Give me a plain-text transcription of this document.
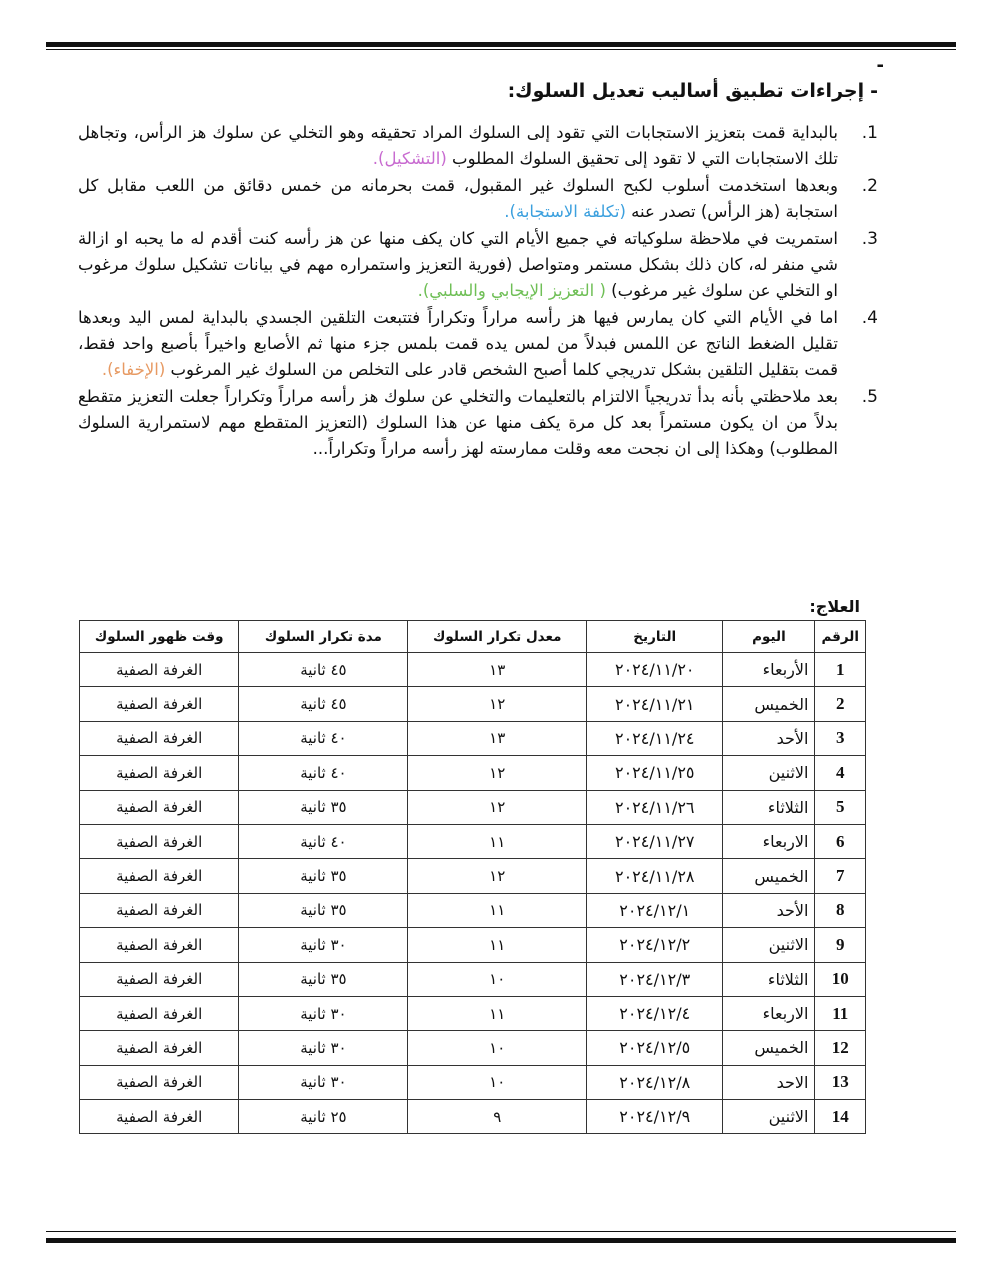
-
-إجراءات تطبيق أساليب تعديل السلوك:
1.
بالبداية قمت بتعزيز الاستجابات التي تقود إلى السلوك المراد تحقيقه وهو التخلي عن سلوك هز الرأس، وتجاهل تلك الاستجابات التي لا تقود إلى تحقيق السلوك المطلوب (التشكيل).
2.
وبعدها استخدمت أسلوب لكبح السلوك غير المقبول، قمت بحرمانه من خمس دقائق من اللعب مقابل كل استجابة (هز الرأس) تصدر عنه (تكلفة الاستجابة).
3.
استمريت في ملاحظة سلوكياته في جميع الأيام التي كان يكف منها عن هز رأسه كنت أقدم له ما يحبه او ازالة شي منفر له، كان ذلك بشكل مستمر ومتواصل (فورية التعزيز واستمراره مهم في بيانات تشكيل سلوك مرغوب او التخلي عن سلوك غير مرغوب) ( التعزيز الإيجابي والسلبي).
4.
اما في الأيام التي كان يمارس فيها هز رأسه مراراً وتكراراً فتتبعت التلقين الجسدي بالبداية لمس اليد وبعدها تقليل الضغط الناتج عن اللمس فبدلاً من لمس يده قمت بلمس جزء منها ثم الأصابع واخيراً بأصبع واحد فقط، قمت بتقليل التلقين بشكل تدريجي كلما أصبح الشخص قادر على التخلص من السلوك غير المرغوب (الإخفاء).
5.
بعد ملاحظتي بأنه بدأ تدريجياً الالتزام بالتعليمات والتخلي عن سلوك هز رأسه مراراً وتكراراً جعلت التعزيز متقطع بدلاً من ان يكون مستمراً بعد كل مرة يكف منها عن هذا السلوك (التعزيز المتقطع مهم لاستمرارية السلوك المطلوب) وهكذا إلى ان نجحت معه وقلت ممارسته لهز رأسه مراراً وتكراراً...
العلاج:
الرقم	اليوم	التاريخ	معدل تكرار السلوك	مدة تكرار السلوك	وقت ظهور السلوك
1	الأربعاء	٢٠٢٤/١١/٢٠	١٣	٤٥ ثانية	الغرفة الصفية
2	الخميس	٢٠٢٤/١١/٢١	١٢	٤٥ ثانية	الغرفة الصفية
3	الأحد	٢٠٢٤/١١/٢٤	١٣	٤٠ ثانية	الغرفة الصفية
4	الاثنين	٢٠٢٤/١١/٢٥	١٢	٤٠ ثانية	الغرفة الصفية
5	الثلاثاء	٢٠٢٤/١١/٢٦	١٢	٣٥ ثانية	الغرفة الصفية
6	الاربعاء	٢٠٢٤/١١/٢٧	١١	٤٠ ثانية	الغرفة الصفية
7	الخميس	٢٠٢٤/١١/٢٨	١٢	٣٥ ثانية	الغرفة الصفية
8	الأحد	٢٠٢٤/١٢/١	١١	٣٥ ثانية	الغرفة الصفية
9	الاثنين	٢٠٢٤/١٢/٢	١١	٣٠ ثانية	الغرفة الصفية
10	الثلاثاء	٢٠٢٤/١٢/٣	١٠	٣٥ ثانية	الغرفة الصفية
11	الاربعاء	٢٠٢٤/١٢/٤	١١	٣٠ ثانية	الغرفة الصفية
12	الخميس	٢٠٢٤/١٢/٥	١٠	٣٠ ثانية	الغرفة الصفية
13	الاحد	٢٠٢٤/١٢/٨	١٠	٣٠ ثانية	الغرفة الصفية
14	الاثنين	٢٠٢٤/١٢/٩	٩	٢٥ ثانية	الغرفة الصفية
